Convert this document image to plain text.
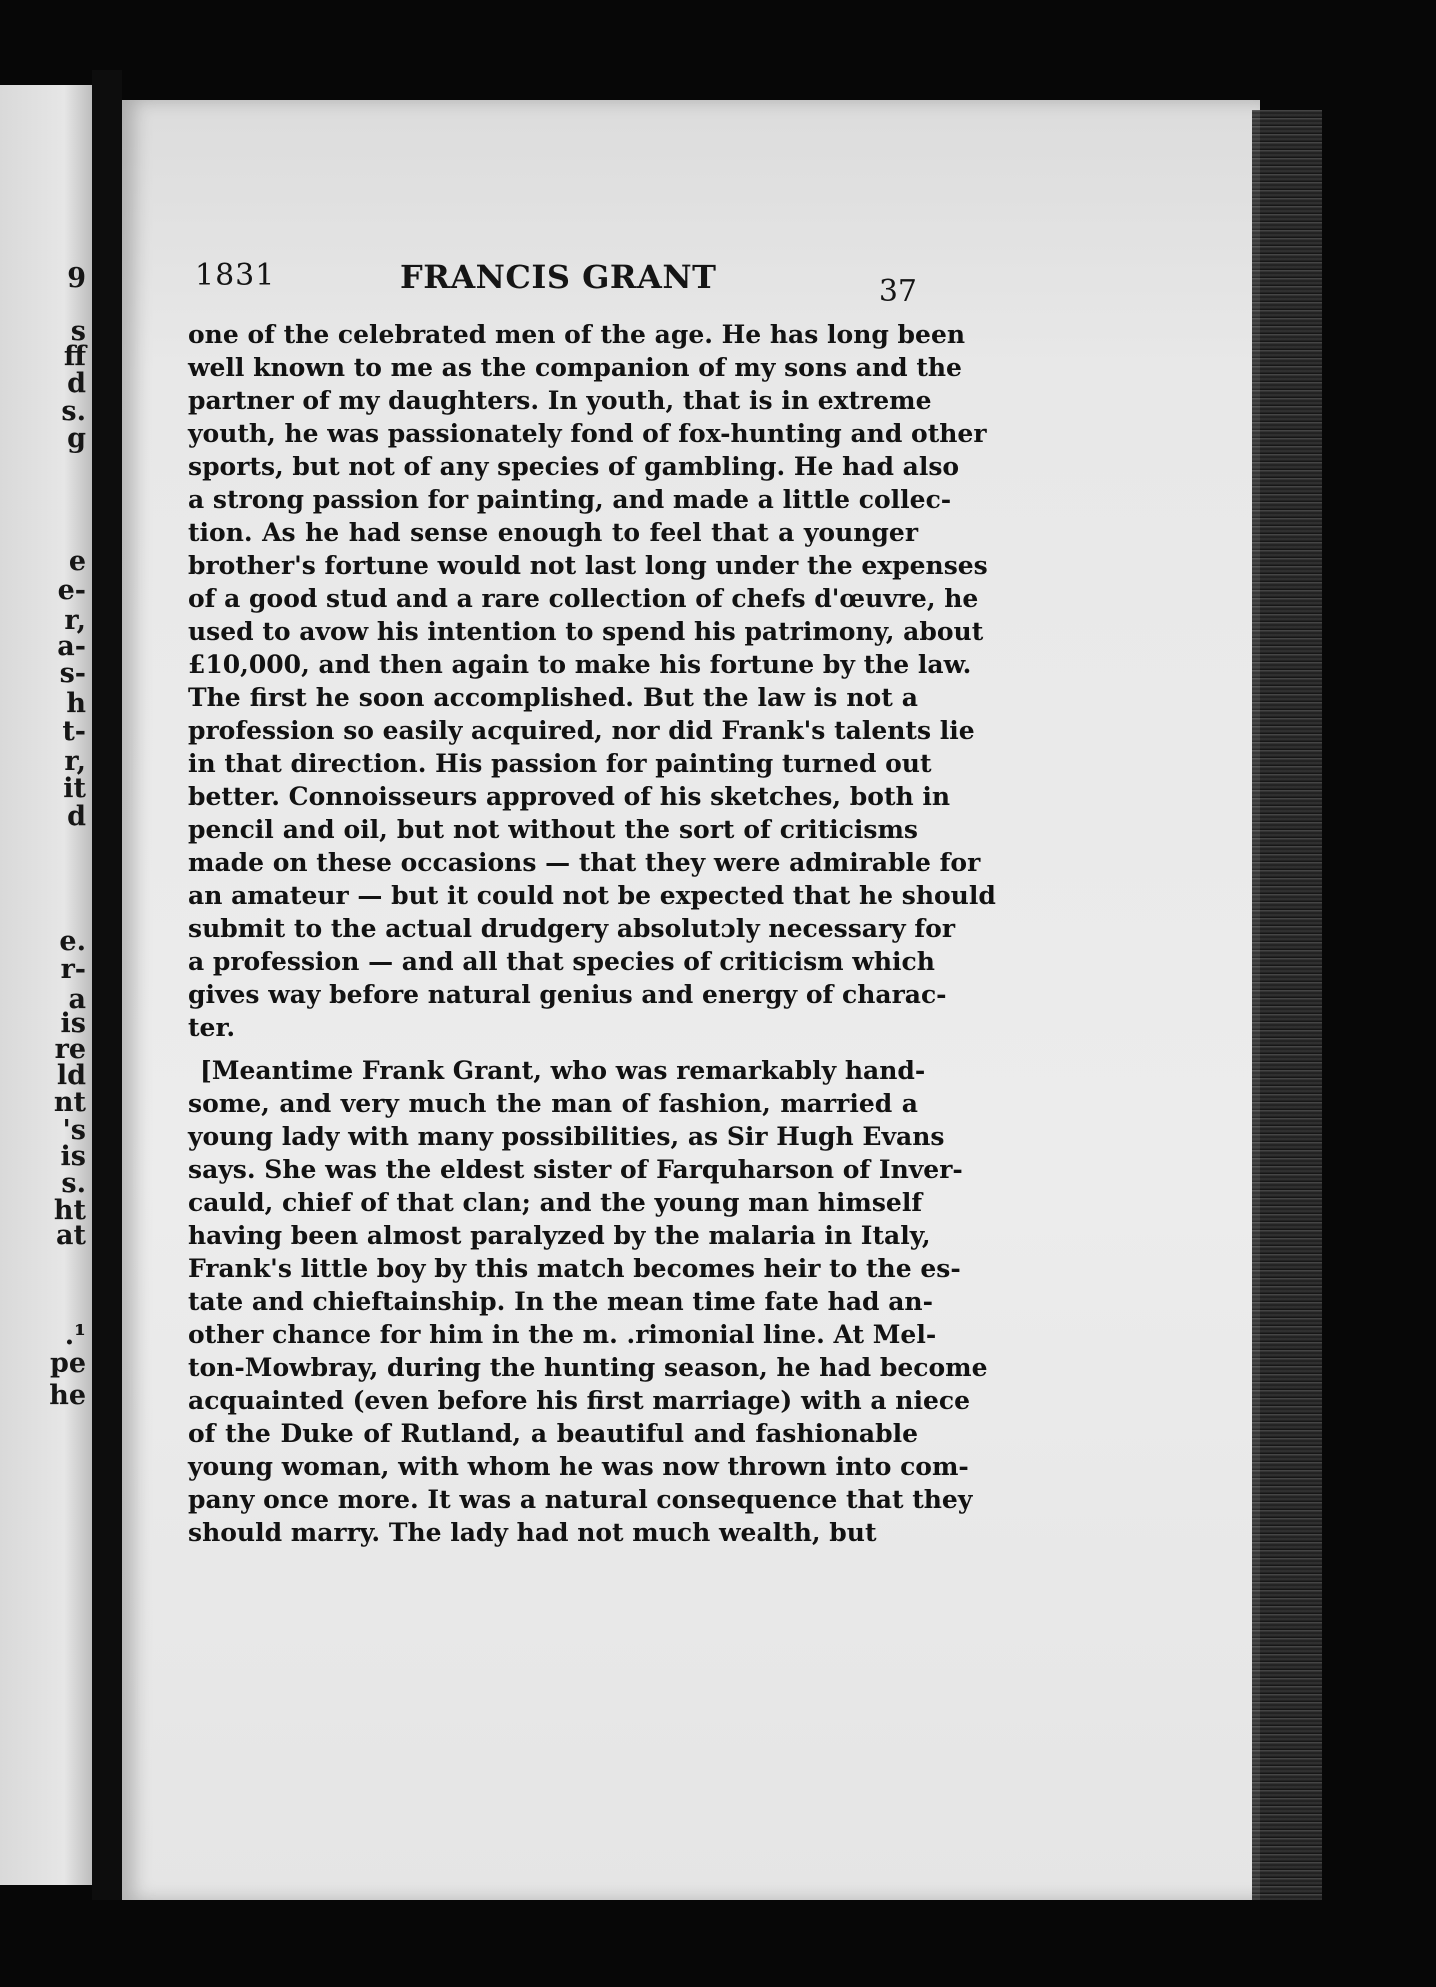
9

s

ff

d

s.

g

e

e-

r,

a-

s-

h

t-

r,

it

d

e.

r-

a

is

re

ld

nt

's

is

s.

ht

at

.¹

pe

he

1831	FRANCIS GRANT	37
one of the celebrated men of the age. He has long been
well known to me as the companion of my sons and the
partner of my daughters. In youth, that is in extreme
youth, he was passionately fond of fox-hunting and other
sports, but not of any species of gambling. He had also
a strong passion for painting, and made a little collec-
tion. As he had sense enough to feel that a younger
brother's fortune would not last long under the expenses
of a good stud and a rare collection of chefs d'œuvre, he
used to avow his intention to spend his patrimony, about
£10,000, and then again to make his fortune by the law.
The first he soon accomplished. But the law is not a
profession so easily acquired, nor did Frank's talents lie
in that direction. His passion for painting turned out
better. Connoisseurs approved of his sketches, both in
pencil and oil, but not without the sort of criticisms
made on these occasions — that they were admirable for
an amateur — but it could not be expected that he should
submit to the actual drudgery absolutɔly necessary for
a profession — and all that species of criticism which
gives way before natural genius and energy of charac-
ter.
[Meantime Frank Grant, who was remarkably hand-
some, and very much the man of fashion, married a
young lady with many possibilities, as Sir Hugh Evans
says. She was the eldest sister of Farquharson of Inver-
cauld, chief of that clan; and the young man himself
having been almost paralyzed by the malaria in Italy,
Frank's little boy by this match becomes heir to the es-
tate and chieftainship. In the mean time fate had an-
other chance for him in the m. .rimonial line. At Mel-
ton-Mowbray, during the hunting season, he had become
acquainted (even before his first marriage) with a niece
of the Duke of Rutland, a beautiful and fashionable
young woman, with whom he was now thrown into com-
pany once more. It was a natural consequence that they
should marry. The lady had not much wealth, but
